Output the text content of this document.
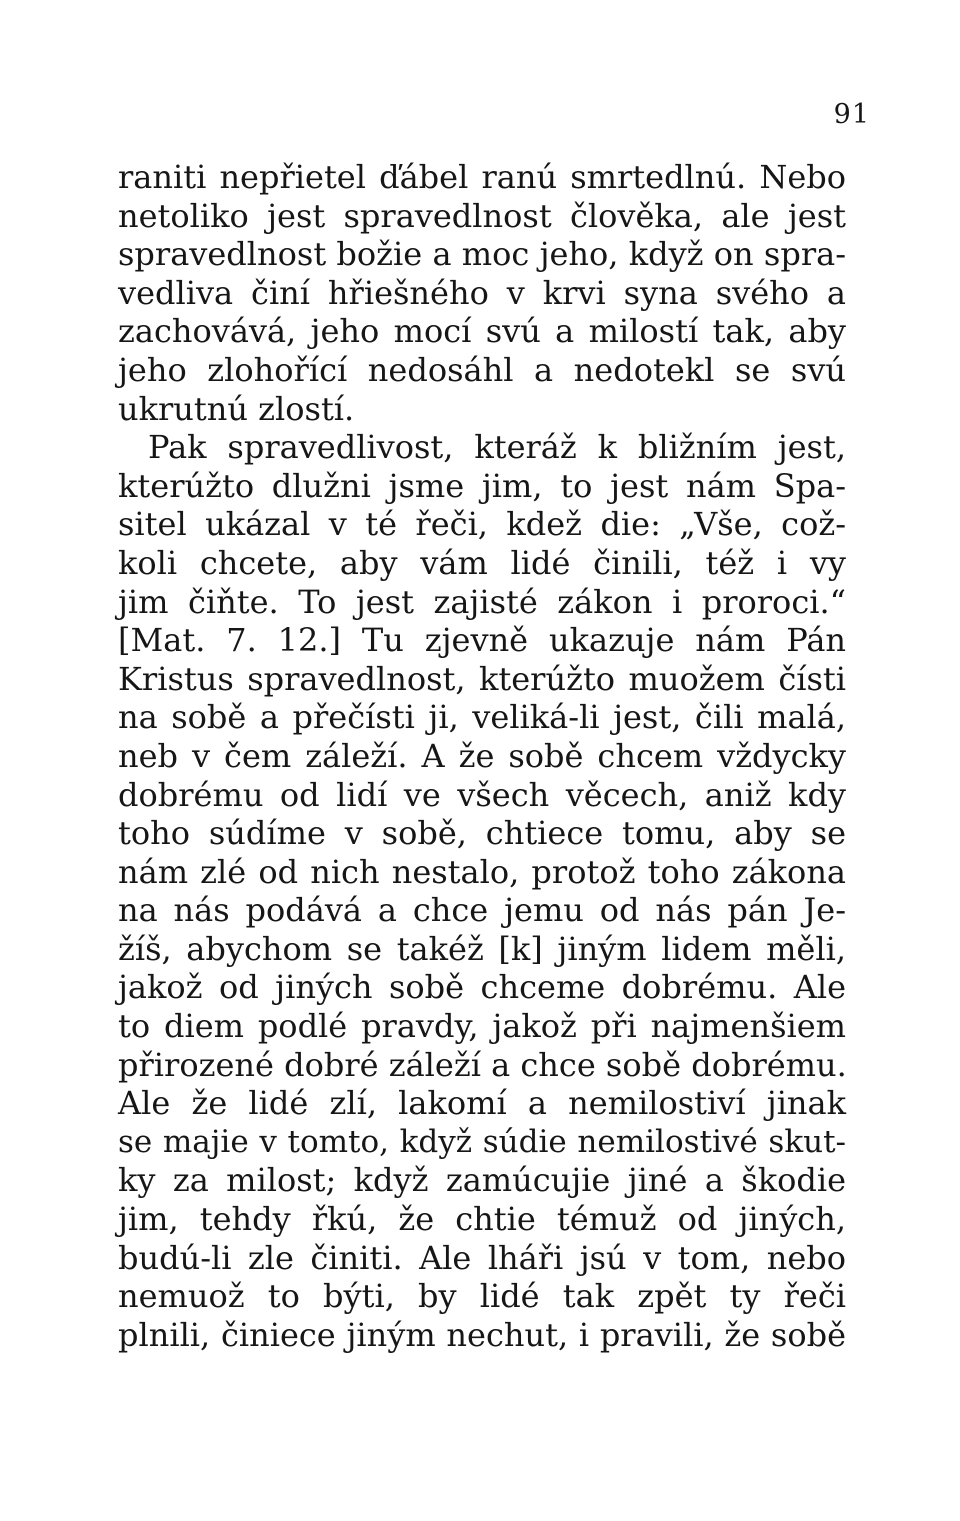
91
raniti nepřietel ďábel ranú smrtedlnú. Nebo
netoliko jest spravedlnost člověka, ale jest
spravedlnost božie a moc jeho, když on spra-
vedliva činí hřiešného v krvi syna svého a
zachovává, jeho mocí svú a milostí tak, aby
jeho zlohořící nedosáhl a nedotekl se svú
ukrutnú zlostí.
Pak spravedlivost, kteráž k bližním jest,
kterúžto dlužni jsme jim, to jest nám Spa-
sitel ukázal v té řeči, kdež die: „Vše, což-
koli chcete, aby vám lidé činili, též i vy
jim čiňte. To jest zajisté zákon i proroci.“
[Mat. 7. 12.] Tu zjevně ukazuje nám Pán
Kristus spravedlnost, kterúžto muožem čísti
na sobě a přečísti ji, veliká-li jest, čili malá,
neb v čem záleží. A že sobě chcem vždycky
dobrému od lidí ve všech věcech, aniž kdy
toho súdíme v sobě, chtiece tomu, aby se
nám zlé od nich nestalo, protož toho zákona
na nás podává a chce jemu od nás pán Je-
žíš, abychom se takéž [k] jiným lidem měli,
jakož od jiných sobě chceme dobrému. Ale
to diem podlé pravdy, jakož při najmenšiem
přirozené dobré záleží a chce sobě dobrému.
Ale že lidé zlí, lakomí a nemilostiví jinak
se majie v tomto, když súdie nemilostivé skut-
ky za milost; když zamúcujie jiné a škodie
jim, tehdy řkú, že chtie témuž od jiných,
budú-li zle činiti. Ale lháři jsú v tom, nebo
nemuož to býti, by lidé tak zpět ty řeči
plnili, činiece jiným nechut, i pravili, že sobě
